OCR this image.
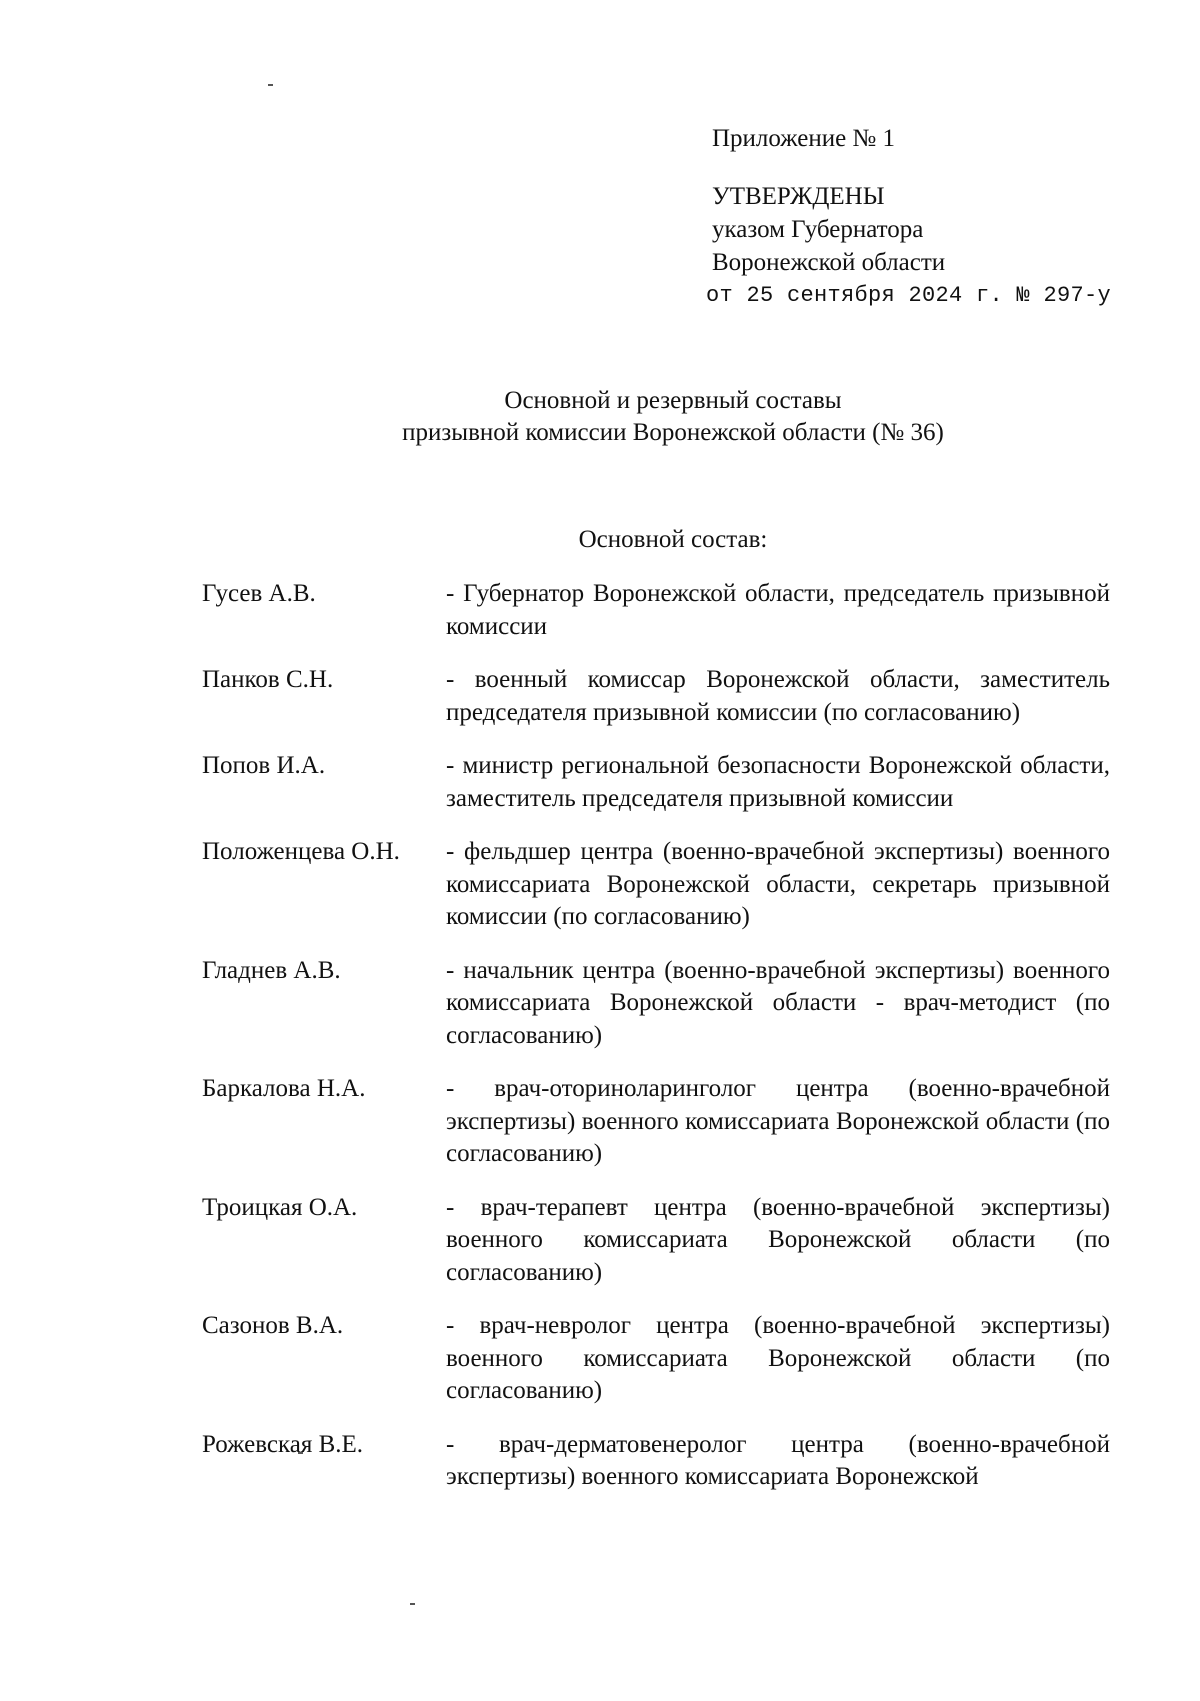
Приложение № 1
УТВЕРЖДЕНЫ
указом Губернатора
Воронежской области
от 25 сентября 2024 г. № 297-у
Основной и резервный составы
призывной комиссии Воронежской области (№ 36)
Основной состав:
Гусев А.В.	- Губернатор Воронежской области, председатель призывной комиссии
Панков С.Н.	- военный комиссар Воронежской области, заместитель председателя призывной комиссии (по согласованию)
Попов И.А.	- министр региональной безопасности Воронежской области, заместитель председателя призывной комиссии
Положенцева О.Н.	- фельдшер центра (военно-врачебной экспертизы) военного комиссариата Воронежской области, секретарь призывной комиссии (по согласованию)
Гладнев А.В.	- начальник центра (военно-врачебной экспертизы) военного комиссариата Воронежской области - врач-методист (по согласованию)
Баркалова Н.А.	- врач-оториноларинголог центра (военно-врачебной экспертизы) военного комиссариата Воронежской области (по согласованию)
Троицкая О.А.	- врач-терапевт центра (военно-врачебной экспертизы) военного комиссариата Воронежской области (по согласованию)
Сазонов В.А.	- врач-невролог центра (военно-врачебной экспертизы) военного комиссариата Воронежской области (по согласованию)
Рожевская В.Е.	- врач-дерматовенеролог центра (военно-врачебной экспертизы) военного комиссариата Воронежской
